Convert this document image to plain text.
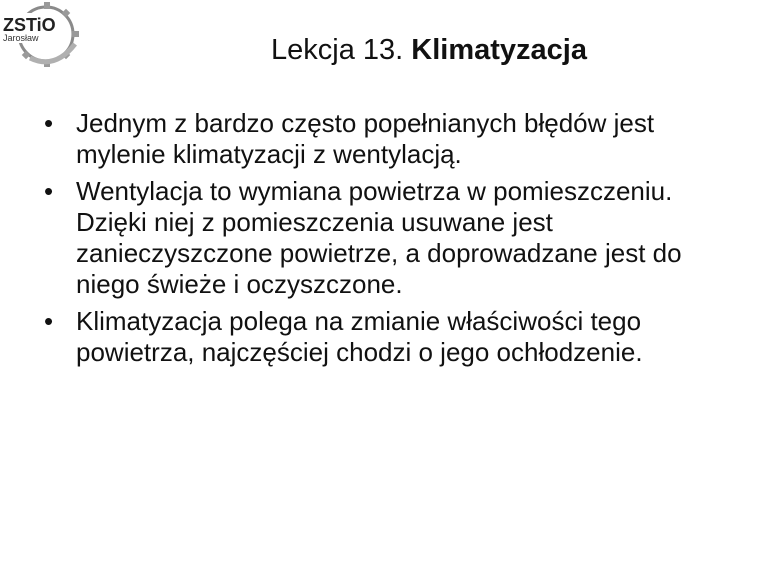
ZSTiO
Jarosław	Lekcja 13. Klimatyzacja
• Jednym z bardzo często popełnianych błędów jest mylenie klimatyzacji z wentylacją.
• Wentylacja to wymiana powietrza w pomieszczeniu. Dzięki niej z pomieszczenia usuwane jest zanieczyszczone powietrze, a doprowadzane jest do niego świeże i oczyszczone.
• Klimatyzacja polega na zmianie właściwości tego powietrza, najczęściej chodzi o jego ochłodzenie.
